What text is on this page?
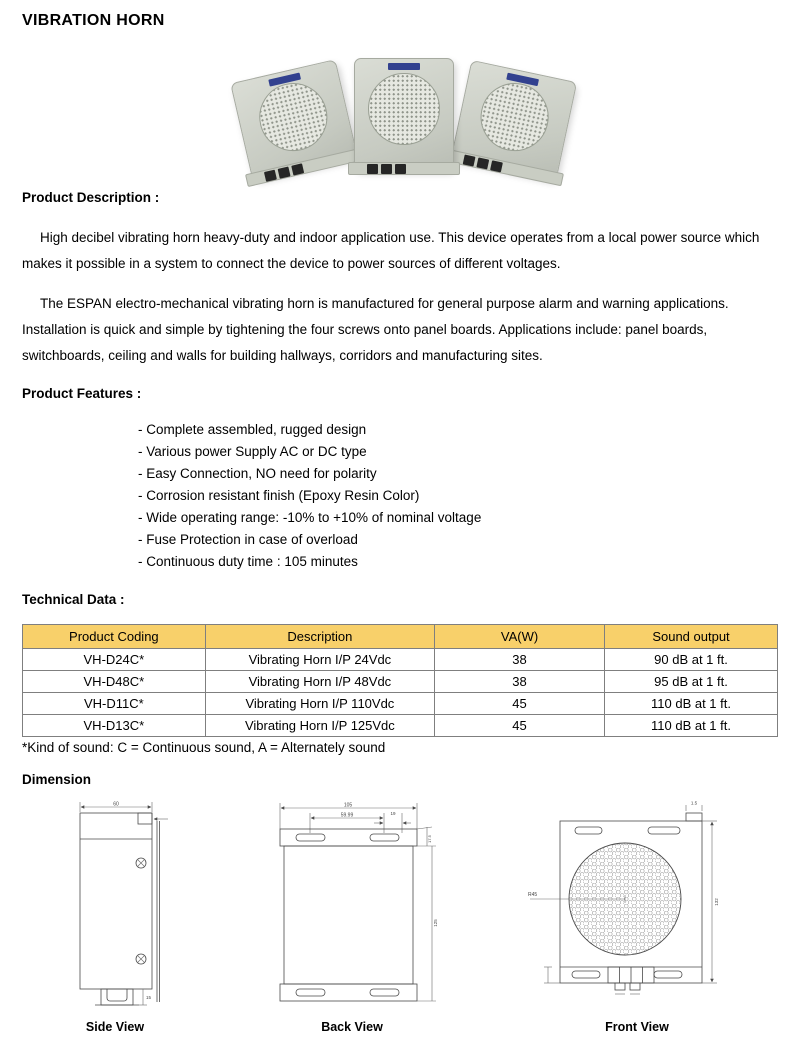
VIBRATION HORN
Product Description :

High decibel vibrating horn heavy-duty and indoor application use. This device operates from a local power source which makes it possible in a system to connect the device to power sources of different voltages.

The ESPAN electro-mechanical vibrating horn is manufactured for general purpose alarm and warning applications. Installation is quick and simple by tightening the four screws onto panel boards. Applications include: panel boards, switchboards, ceiling and walls for building hallways, corridors and manufacturing sites.

Product Features :
- Complete assembled, rugged design
- Various power Supply AC or DC type
- Easy Connection, NO need for polarity
- Corrosion resistant finish (Epoxy Resin Color)
- Wide operating range: -10% to +10% of nominal voltage
- Fuse Protection in case of overload
- Continuous duty time : 105 minutes
Technical Data :
Product Coding	Description	VA(W)	Sound output
VH-D24C*	Vibrating Horn I/P 24Vdc	38	90 dB at 1 ft.
VH-D48C*	Vibrating Horn I/P 48Vdc	38	95 dB at 1 ft.
VH-D11C*	Vibrating Horn I/P 110Vdc	45	110 dB at 1 ft.
VH-D13C*	Vibrating Horn I/P 125Vdc	45	110 dB at 1 ft.

*Kind of sound: C = Continuous sound, A = Alternately sound

Dimension
60
15
105
59.99	19
17.5
125
1.5
R45
132
Side View	Back View	Front View
